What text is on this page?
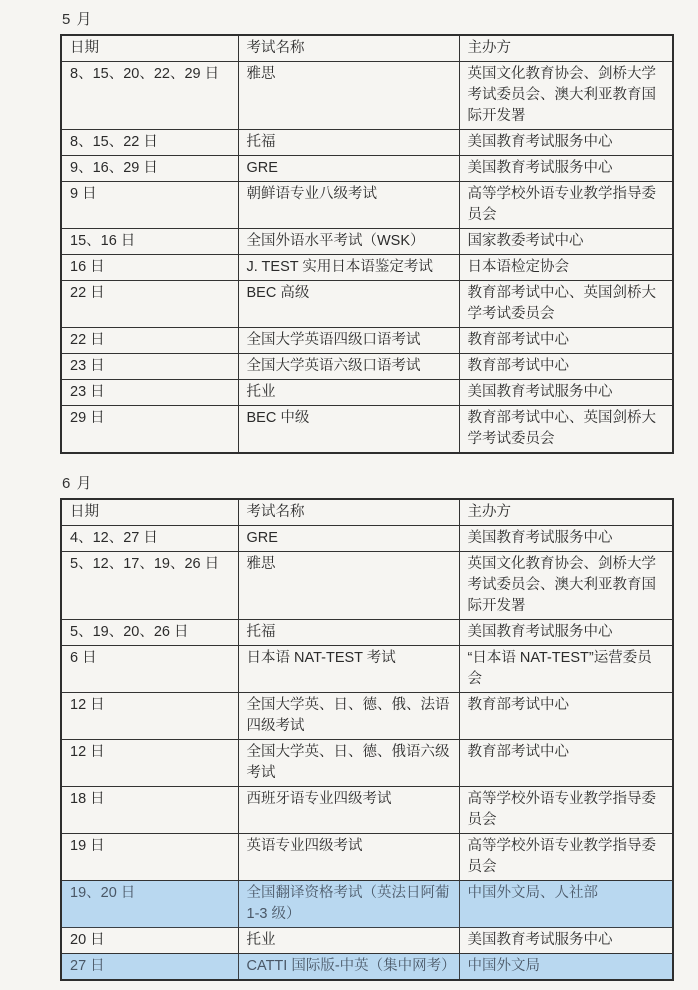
5 月
日期	考试名称	主办方
8、15、20、22、29 日	雅思	英国文化教育协会、剑桥大学考试委员会、澳大利亚教育国际开发署
8、15、22 日	托福	美国教育考试服务中心
9、16、29 日	GRE	美国教育考试服务中心
9 日	朝鲜语专业八级考试	高等学校外语专业教学指导委员会
15、16 日	全国外语水平考试（WSK）	国家教委考试中心
16 日	J. TEST 实用日本语鉴定考试	日本语检定协会
22 日	BEC 高级	教育部考试中心、英国剑桥大学考试委员会
22 日	全国大学英语四级口语考试	教育部考试中心
23 日	全国大学英语六级口语考试	教育部考试中心
23 日	托业	美国教育考试服务中心
29 日	BEC 中级	教育部考试中心、英国剑桥大学考试委员会
6 月
日期	考试名称	主办方
4、12、27 日	GRE	美国教育考试服务中心
5、12、17、19、26 日	雅思	英国文化教育协会、剑桥大学考试委员会、澳大利亚教育国际开发署
5、19、20、26 日	托福	美国教育考试服务中心
6 日	日本语 NAT-TEST 考试	“日本语 NAT-TEST”运营委员会
12 日	全国大学英、日、德、俄、法语四级考试	教育部考试中心
12 日	全国大学英、日、德、俄语六级考试	教育部考试中心
18 日	西班牙语专业四级考试	高等学校外语专业教学指导委员会
19 日	英语专业四级考试	高等学校外语专业教学指导委员会
19、20 日	全国翻译资格考试（英法日阿葡 1-3 级）	中国外文局、人社部
20 日	托业	美国教育考试服务中心
27 日	CATTI 国际版-中英（集中网考）	中国外文局
